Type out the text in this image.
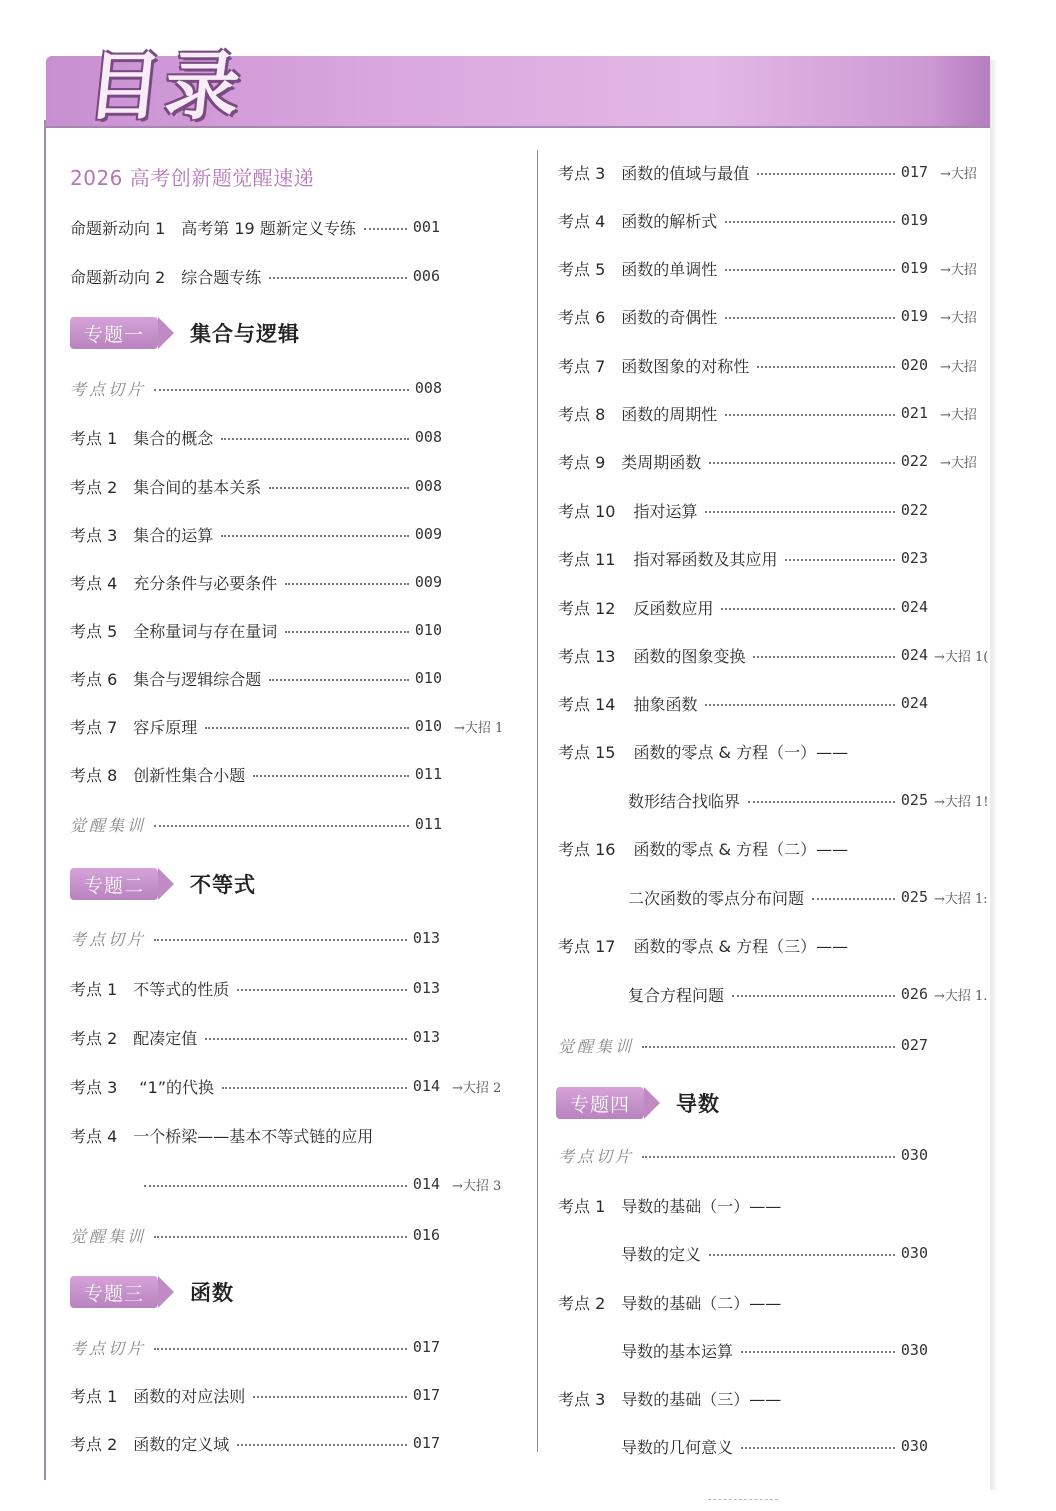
目录
2026 高考创新题觉醒速递
命题新动向 1 高考第 19 题新定义专练	001
命题新动向 2 综合题专练	006
专题一	集合与逻辑
考点切片	008
考点 1 集合的概念	008
考点 2 集合间的基本关系	008
考点 3 集合的运算	009
考点 4 充分条件与必要条件	009
考点 5 全称量词与存在量词	010
考点 6 集合与逻辑综合题	010
考点 7 容斥原理	010 →大招 1
考点 8 创新性集合小题	011
觉醒集训	011
专题二	不等式
考点切片	013
考点 1 不等式的性质	013
考点 2 配凑定值	013
考点 3 “1”的代换	014 →大招 2
考点 4 一个桥梁——基本不等式链的应用
014 →大招 3
觉醒集训	016
专题三	函数
考点切片	017
考点 1 函数的对应法则	017
考点 2 函数的定义域	017
考点 3 函数的值域与最值	017 →大招
考点 4 函数的解析式	019
考点 5 函数的单调性	019 →大招
考点 6 函数的奇偶性	019 →大招
考点 7 函数图象的对称性	020 →大招
考点 8 函数的周期性	021 →大招
考点 9 类周期函数	022 →大招
考点 10 指对运算	022
考点 11 指对幂函数及其应用	023
考点 12 反函数应用	024
考点 13 函数的图象变换	024 →大招 1(
考点 14 抽象函数	024
考点 15 函数的零点 & 方程（一）——
数形结合找临界	025 →大招 1!
考点 16 函数的零点 & 方程（二）——
二次函数的零点分布问题	025 →大招 1:
考点 17 函数的零点 & 方程（三）——
复合方程问题	026 →大招 1.
觉醒集训	027
专题四	导数
考点切片	030
考点 1 导数的基础（一）——
导数的定义	030
考点 2 导数的基础（二）——
导数的基本运算	030
考点 3 导数的基础（三）——
导数的几何意义	030
